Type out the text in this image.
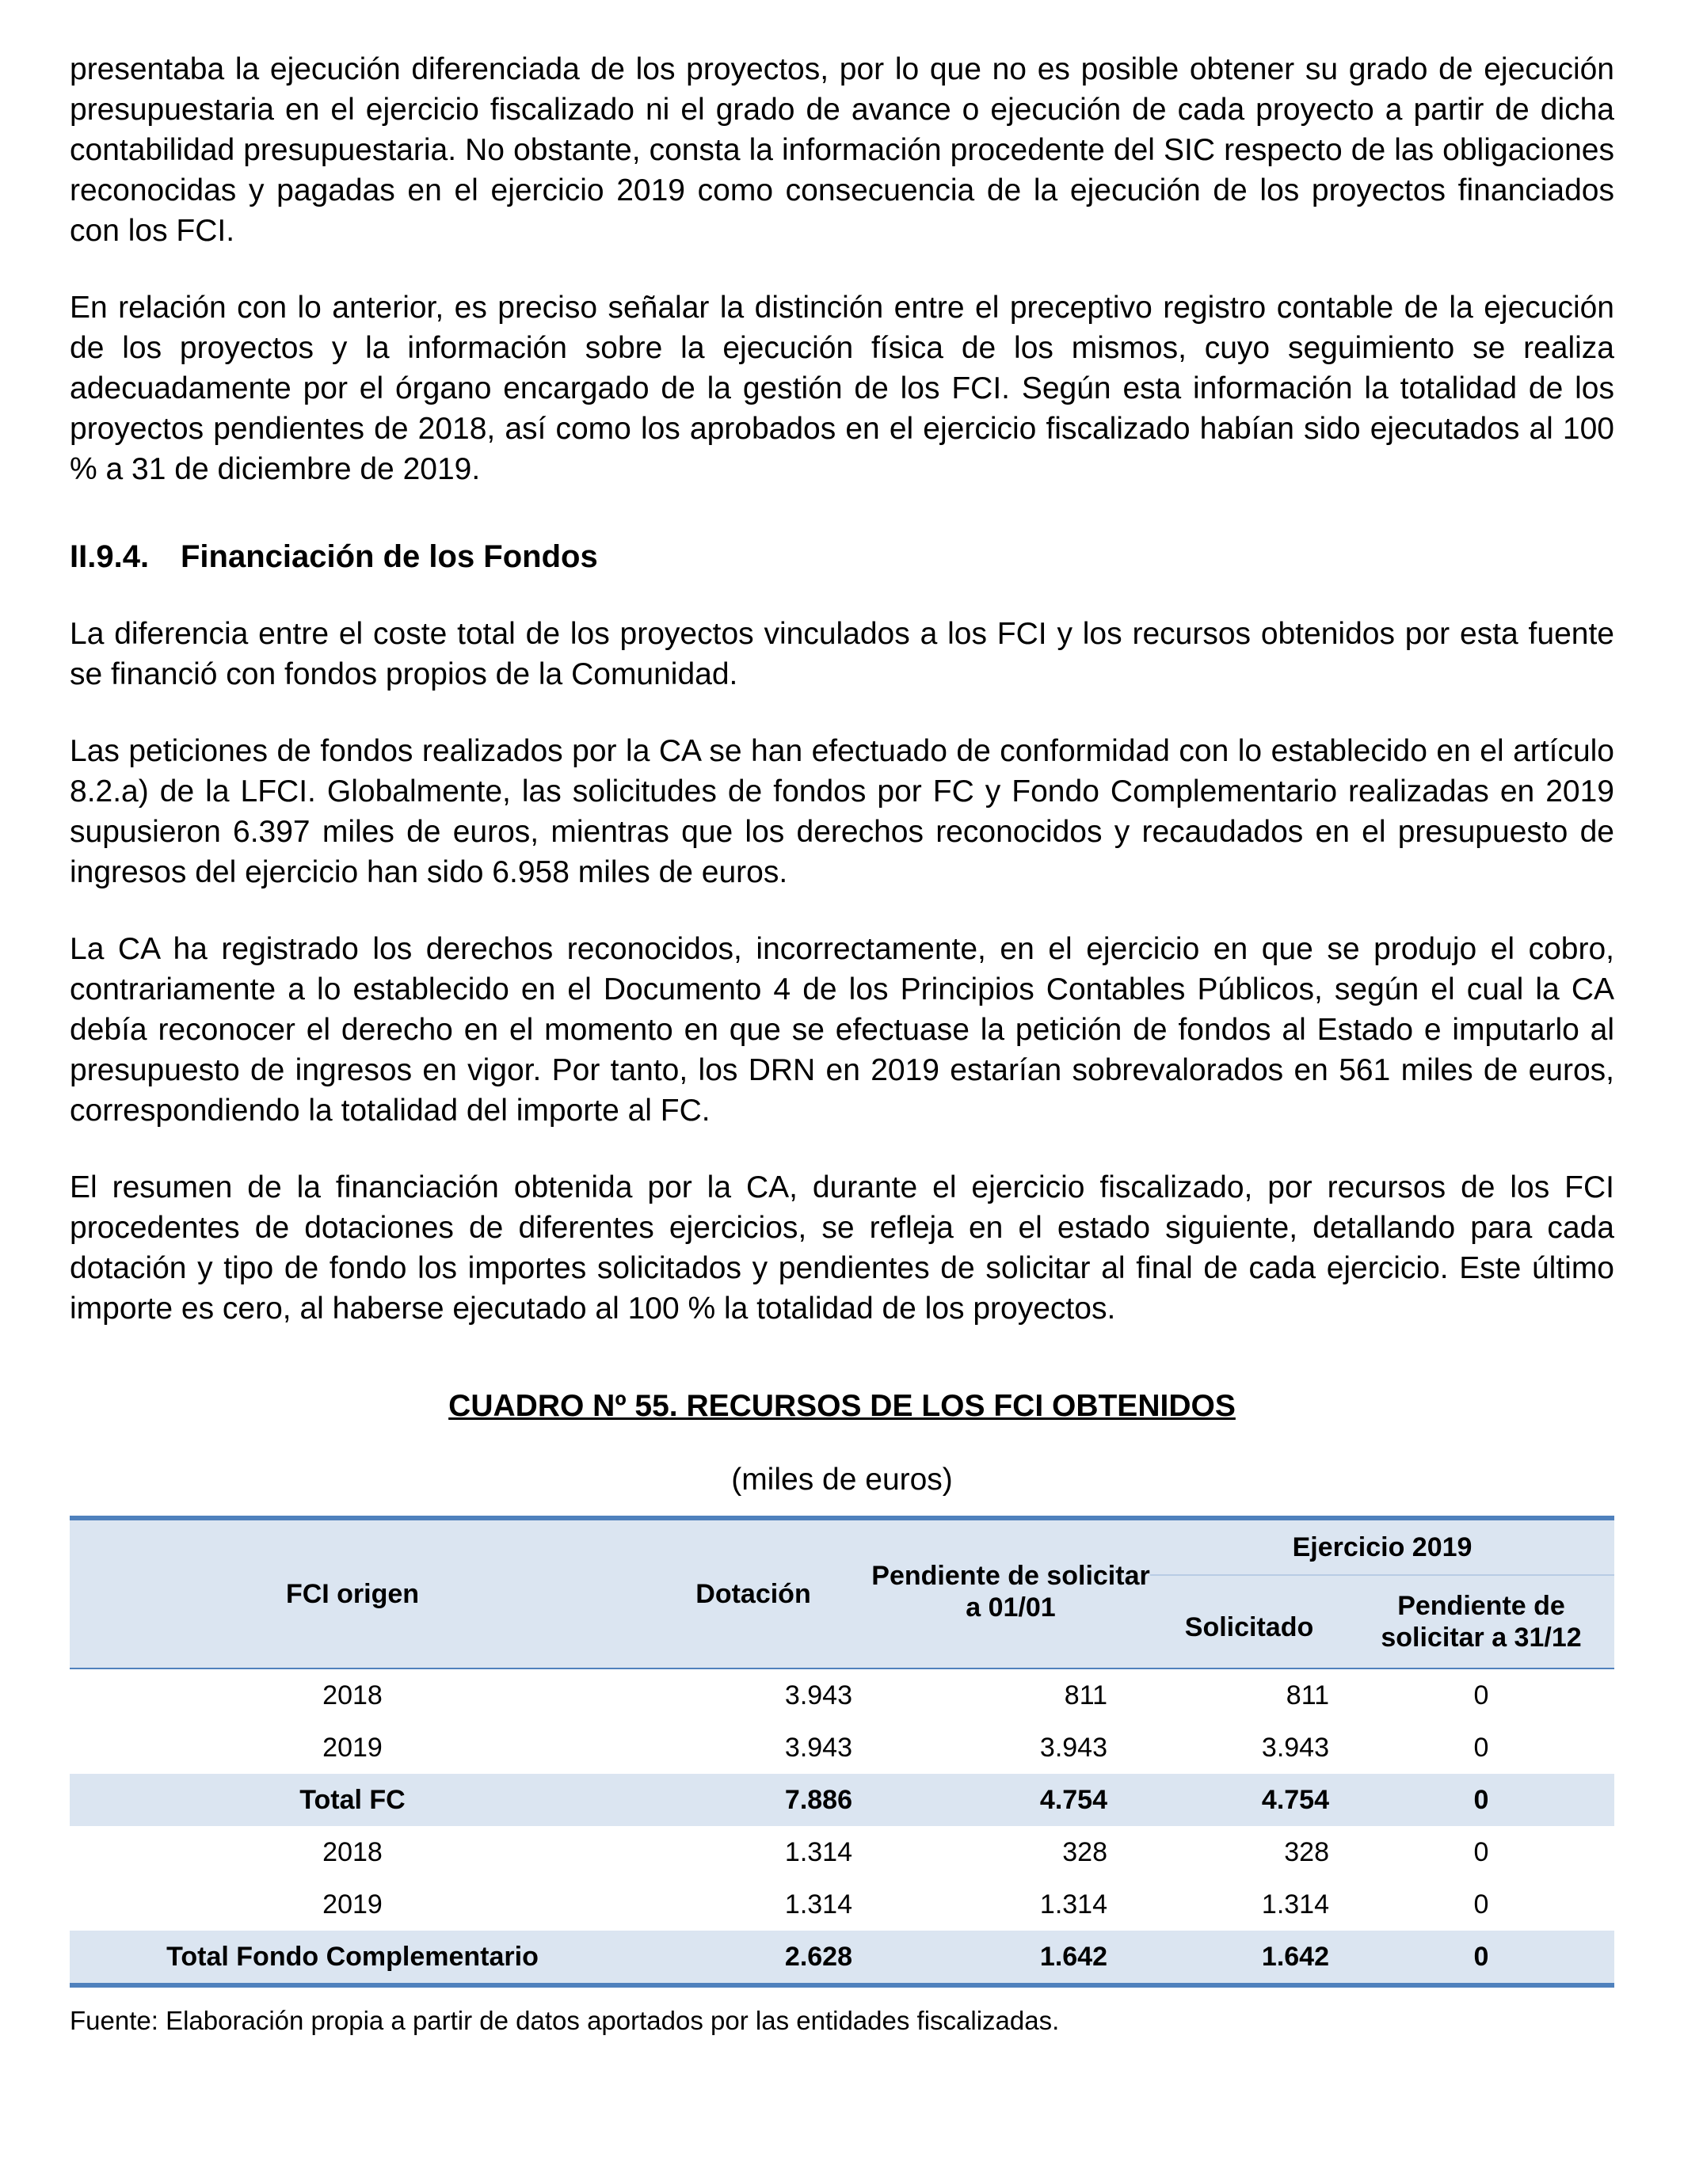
presentaba la ejecución diferenciada de los proyectos, por lo que no es posible obtener su grado de ejecución presupuestaria en el ejercicio fiscalizado ni el grado de avance o ejecución de cada proyecto a partir de dicha contabilidad presupuestaria. No obstante, consta la información procedente del SIC respecto de las obligaciones reconocidas y pagadas en el ejercicio 2019 como consecuencia de la ejecución de los proyectos financiados con los FCI.

En relación con lo anterior, es preciso señalar la distinción entre el preceptivo registro contable de la ejecución de los proyectos y la información sobre la ejecución física de los mismos, cuyo seguimiento se realiza adecuadamente por el órgano encargado de la gestión de los FCI. Según esta información la totalidad de los proyectos pendientes de 2018, así como los aprobados en el ejercicio fiscalizado habían sido ejecutados al 100 % a 31 de diciembre de 2019.

II.9.4. Financiación de los Fondos

La diferencia entre el coste total de los proyectos vinculados a los FCI y los recursos obtenidos por esta fuente se financió con fondos propios de la Comunidad.

Las peticiones de fondos realizados por la CA se han efectuado de conformidad con lo establecido en el artículo 8.2.a) de la LFCI. Globalmente, las solicitudes de fondos por FC y Fondo Complementario realizadas en 2019 supusieron 6.397 miles de euros, mientras que los derechos reconocidos y recaudados en el presupuesto de ingresos del ejercicio han sido 6.958 miles de euros.

La CA ha registrado los derechos reconocidos, incorrectamente, en el ejercicio en que se produjo el cobro, contrariamente a lo establecido en el Documento 4 de los Principios Contables Públicos, según el cual la CA debía reconocer el derecho en el momento en que se efectuase la petición de fondos al Estado e imputarlo al presupuesto de ingresos en vigor. Por tanto, los DRN en 2019 estarían sobrevalorados en 561 miles de euros, correspondiendo la totalidad del importe al FC.

El resumen de la financiación obtenida por la CA, durante el ejercicio fiscalizado, por recursos de los FCI procedentes de dotaciones de diferentes ejercicios, se refleja en el estado siguiente, detallando para cada dotación y tipo de fondo los importes solicitados y pendientes de solicitar al final de cada ejercicio. Este último importe es cero, al haberse ejecutado al 100 % la totalidad de los proyectos.

CUADRO Nº 55. RECURSOS DE LOS FCI OBTENIDOS

(miles de euros)

FCI origen	Dotación	Pendiente de solicitar a 01/01	Ejercicio 2019	
			Solicitado	Pendiente de solicitar a 31/12
2018	3.943	811	811	0
2019	3.943	3.943	3.943	0
Total FC	7.886	4.754	4.754	0
2018	1.314	328	328	0
2019	1.314	1.314	1.314	0
Total Fondo Complementario	2.628	1.642	1.642	0

Fuente: Elaboración propia a partir de datos aportados por las entidades fiscalizadas.
